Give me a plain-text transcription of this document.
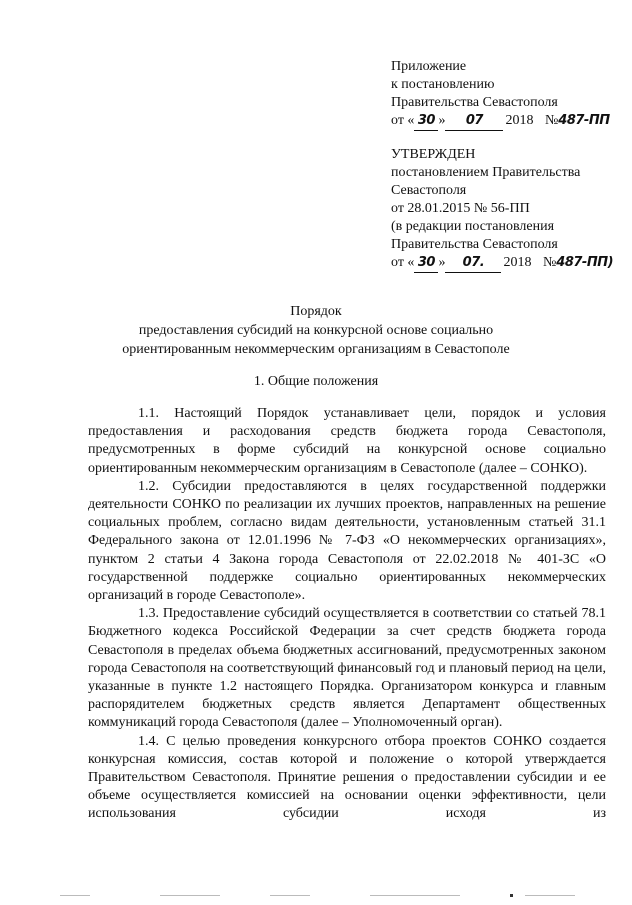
Приложение
к постановлению
Правительства Севастополя
от « 30 » 07 2018 №487-ПП
УТВЕРЖДЕН
постановлением Правительства
Севастополя
от 28.01.2015 № 56-ПП
(в редакции постановления
Правительства Севастополя
от « 30 » 07. 2018 №487-ПП)
Порядок
предоставления субсидий на конкурсной основе социально
ориентированным некоммерческим организациям в Севастополе
1. Общие положения

1.1. Настоящий Порядок устанавливает цели, порядок и условия предоставления и расходования средств бюджета города Севастополя, предусмотренных в форме субсидий на конкурсной основе социально ориентированным некоммерческим организациям в Севастополе (далее – СОНКО).

1.2. Субсидии предоставляются в целях государственной поддержки деятельности СОНКО по реализации их лучших проектов, направленных на решение социальных проблем, согласно видам деятельности, установленным статьей 31.1 Федерального закона от 12.01.1996 № 7-ФЗ «О некоммерческих организациях», пунктом 2 статьи 4 Закона города Севастополя от 22.02.2018 № 401-ЗС «О государственной поддержке социально ориентированных некоммерческих организаций в городе Севастополе».

1.3. Предоставление субсидий осуществляется в соответствии со статьей 78.1 Бюджетного кодекса Российской Федерации за счет средств бюджета города Севастополя в пределах объема бюджетных ассигнований, предусмотренных законом города Севастополя на соответствующий финансовый год и плановый период на цели, указанные в пункте 1.2 настоящего Порядка. Организатором конкурса и главным распорядителем бюджетных средств является Департамент общественных коммуникаций города Севастополя (далее – Уполномоченный орган).

1.4. С целью проведения конкурсного отбора проектов СОНКО создается конкурсная комиссия, состав которой и положение о которой утверждается Правительством Севастополя. Принятие решения о предоставлении субсидии и ее объеме осуществляется комиссией на основании оценки эффективности, цели использования субсидии исходя из
